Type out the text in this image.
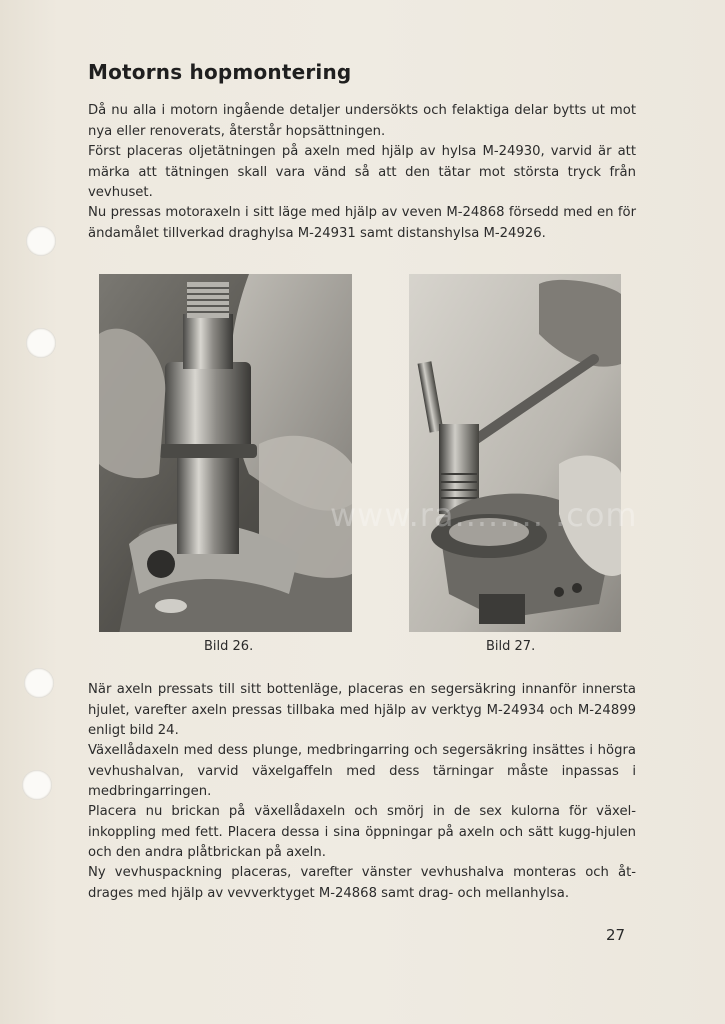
Motorns hopmontering

Då nu alla i motorn ingående detaljer undersökts och felaktiga delar bytts ut mot nya eller renoverats, återstår hopsättningen.

Först placeras oljetätningen på axeln med hjälp av hylsa M-24930, varvid är att märka att tätningen skall vara vänd så att den tätar mot största tryck från vevhuset.

Nu pressas motoraxeln i sitt läge med hjälp av veven M-24868 försedd med en för ändamålet tillverkad draghylsa M-24931 samt distanshylsa M-24926.

Bild 26.	Bild 27.
www.ra........ .com

När axeln pressats till sitt bottenläge, placeras en segersäkring innanför innersta hjulet, varefter axeln pressas tillbaka med hjälp av verktyg M-24934 och M-24899 enligt bild 24.

Växellådaxeln med dess plunge, medbringarring och segersäkring insättes i högra vevhushalvan, varvid växelgaffeln med dess tärningar måste inpassas i medbringarringen.

Placera nu brickan på växellådaxeln och smörj in de sex kulorna för växel-inkoppling med fett. Placera dessa i sina öppningar på axeln och sätt kugg-hjulen och den andra plåtbrickan på axeln.

Ny vevhuspackning placeras, varefter vänster vevhushalva monteras och åt-drages med hjälp av vevverktyget M-24868 samt drag- och mellanhylsa.

27
